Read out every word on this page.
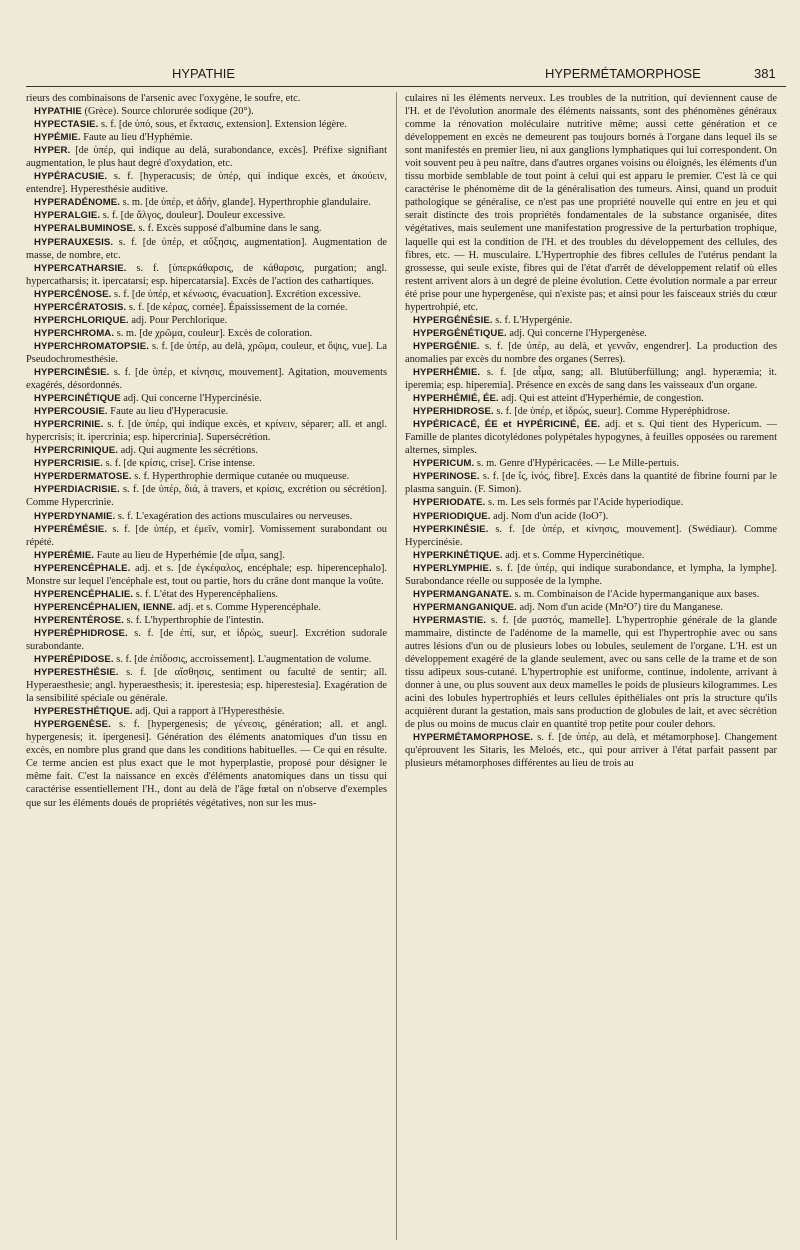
HYPATHIE	HYPERMÉTAMORPHOSE	381

rieurs des combinaisons de l'arsenic avec l'oxygène, le soufre, etc.

HYPATHIE (Grèce). Source chlorurée sodique (20°).

HYPECTASIE. s. f. [de ὑπό, sous, et ἔκτασις, extension]. Extension légère.

HYPÉMIE. Faute au lieu d'Hyphémie.

HYPER. [de ὑπέρ, qui indique au delà, surabondance, excès]. Préfixe signifiant augmentation, le plus haut degré d'oxydation, etc.

HYPÉRACUSIE. s. f. [hyperacusis; de ὑπέρ, qui indique excès, et ἀκούειν, entendre]. Hyperesthésie auditive.

HYPERADÉNOME. s. m. [de ὑπέρ, et ἀδήν, glande]. Hyperthrophie glandulaire.

HYPERALGIE. s. f. [de ἄλγος, douleur]. Douleur excessive.

HYPERALBUMINOSE. s. f. Excès supposé d'albumine dans le sang.

HYPERAUXESIS. s. f. [de ὑπέρ, et αὔξησις, augmentation]. Augmentation de masse, de nombre, etc.

HYPERCATHARSIE. s. f. [ὑπερκάθαρσις, de κάθαρσις, purgation; angl. hypercatharsis; it. ipercatarsi; esp. hipercatarsia]. Excès de l'action des cathartiques.

HYPERCÉNOSE. s. f. [de ὑπέρ, et κένωσις, évacuation]. Excrétion excessive.

HYPERCÉRATOSIS. s. f. [de κέρας, cornée]. Épaississement de la cornée.

HYPERCHLORIQUE. adj. Pour Perchlorique.

HYPERCHROMA. s. m. [de χρῶμα, couleur]. Excès de coloration.

HYPERCHROMATOPSIE. s. f. [de ὑπέρ, au delà, χρῶμα, couleur, et ὄψις, vue]. La Pseudochromesthésie.

HYPERCINÉSIE. s. f. [de ὑπέρ, et κίνησις, mouvement]. Agitation, mouvements exagérés, désordonnés.

HYPERCINÉTIQUE adj. Qui concerne l'Hypercinésie.

HYPERCOUSIE. Faute au lieu d'Hyperacusie.

HYPERCRINIE. s. f. [de ὑπέρ, qui indique excès, et κρίνειν, séparer; all. et angl. hypercrisis; it. ipercrinia; esp. hipercrinia]. Supersécrétion.

HYPERCRINIQUE. adj. Qui augmente les sécrétions.

HYPERCRISIE. s. f. [de κρίσις, crise]. Crise intense.

HYPERDERMATOSE. s. f. Hyperthrophie dermique cutanée ou muqueuse.

HYPERDIACRISIE. s. f. [de ὑπέρ, διά, à travers, et κρίσις, excrétion ou sécrétion]. Comme Hypercrinie.

HYPERDYNAMIE. s. f. L'exagération des actions musculaires ou nerveuses.

HYPERÉMÉSIE. s. f. [de ὑπέρ, et ἐμεῖν, vomir]. Vomissement surabondant ou répété.

HYPERÉMIE. Faute au lieu de Hyperhémie [de αἷμα, sang].

HYPERENCÉPHALE. adj. et s. [de ἐγκέφαλος, encéphale; esp. hiperencephalo]. Monstre sur lequel l'encéphale est, tout ou partie, hors du crâne dont manque la voûte.

HYPERENCÉPHALIE. s. f. L'état des Hyperencéphaliens.

HYPERENCÉPHALIEN, IENNE. adj. et s. Comme Hyperencéphale.

HYPERENTÉROSE. s. f. L'hyperthrophie de l'intestin.

HYPERÉPHIDROSE. s. f. [de ἐπί, sur, et ἱδρώς, sueur]. Excrétion sudorale surabondante.

HYPERÉPIDOSE. s. f. [de ἐπίδοσις, accroissement]. L'augmentation de volume.

HYPERESTHÉSIE. s. f. [de αἴσθησις, sentiment ou faculté de sentir; all. Hyperaesthesie; angl. hyperaesthesis; it. iperestesia; esp. hiperestesia]. Exagération de la sensibilité spéciale ou générale.

HYPERESTHÉTIQUE. adj. Qui a rapport à l'Hyperesthésie.

HYPERGENÈSE. s. f. [hypergenesis; de γένεσις, génération; all. et angl. hypergenesis; it. ipergenesi]. Génération des éléments anatomiques d'un tissu en excès, en nombre plus grand que dans les conditions habituelles. — Ce qui en résulte. Ce terme ancien est plus exact que le mot hyperplastie, proposé pour désigner le même fait. C'est la naissance en excès d'éléments anatomiques dans un tissu qui caractérise essentiellement l'H., dont au delà de l'âge fœtal on n'observe d'exemples que sur les éléments doués de propriétés végétatives, non sur les mus-

culaires ni les éléments nerveux. Les troubles de la nutrition, qui deviennent cause de l'H. et de l'évolution anormale des éléments naissants, sont des phénomènes généraux comme la rénovation moléculaire nutritive même; aussi cette génération et ce développement en excès ne demeurent pas toujours bornés à l'organe dans lequel ils se sont manifestés en premier lieu, ni aux ganglions lymphatiques qui lui correspondent. On voit souvent peu à peu naître, dans d'autres organes voisins ou éloignés, les éléments d'un tissu morbide semblable de tout point à celui qui est apparu le premier. C'est là ce qui caractérise le phénomème dit de la généralisation des tumeurs. Ainsi, quand un produit pathologique se généralise, ce n'est pas une propriété nouvelle qui entre en jeu et qui serait distincte des trois propriétés fondamentales de la substance organisée, dites végétatives, mais seulement une manifestation progressive de la perturbation trophique, laquelle qui est la condition de l'H. et des troubles du développement des cellules, des fibres, etc. — H. musculaire. L'Hypertrophie des fibres cellules de l'utérus pendant la grossesse, qui seule existe, fibres qui de l'état d'arrêt de développement relatif où elles restent arrivent alors à un degré de pleine évolution. Cette évolution normale a par erreur été prise pour une hypergenèse, qui n'existe pas; et ainsi pour les faisceaux striés du cœur hypertrohpié, etc.

HYPERGÉNÉSIE. s. f. L'Hypergénie.

HYPERGÉNÉTIQUE. adj. Qui concerne l'Hypergenèse.

HYPERGÉNIE. s. f. [de ὑπέρ, au delà, et γεννᾶν, engendrer]. La production des anomalies par excès du nombre des organes (Serres).

HYPERHÉMIE. s. f. [de αἷμα, sang; all. Blutüberfüllung; angl. hyperæmia; it. iperemia; esp. hiperemia]. Présence en excès de sang dans les vaisseaux d'un organe.

HYPERHÉMIÉ, ÉE. adj. Qui est atteint d'Hyperhémie, de congestion.

HYPERHIDROSE. s. f. [de ὑπέρ, et ἱδρώς, sueur]. Comme Hyperéphidrose.

HYPÉRICACÉ, ÉE et HYPÉRICINÉ, ÉE. adj. et s. Qui tient des Hypericum. — Famille de plantes dicotylédones polypétales hypogynes, à feuilles opposées ou rarement alternes, simples.

HYPERICUM. s. m. Genre d'Hypéricacées. — Le Mille-pertuis.

HYPERINOSE. s. f. [de ἴς, ἰνός, fibre]. Excès dans la quantité de fibrine fourni par le plasma sanguin. (F. Simon).

HYPERIODATE. s. m. Les sels formés par l'Acide hyperiodique.

HYPERIODIQUE. adj. Nom d'un acide (IoO⁷).

HYPERKINÉSIE. s. f. [de ὑπέρ, et κίνησις, mouvement]. (Swédiaur). Comme Hypercinésie.

HYPERKINÉTIQUE. adj. et s. Comme Hypercinétique.

HYPERLYMPHIE. s. f. [de ὑπέρ, qui indique surabondance, et lympha, la lymphe]. Surabondance réelle ou supposée de la lymphe.

HYPERMANGANATE. s. m. Combinaison de l'Acide hypermanganique aux bases.

HYPERMANGANIQUE. adj. Nom d'un acide (Mn²O⁷) tire du Manganese.

HYPERMASTIE. s. f. [de μαστός, mamelle]. L'hypertrophie générale de la glande mammaire, distincte de l'adénome de la mamelle, qui est l'hypertrophie avec ou sans autres lésions d'un ou de plusieurs lobes ou lobules, seulement de l'organe. L'H. est un développement exagéré de la glande seulement, avec ou sans celle de la trame et de son tissu adipeux sous-cutané. L'hypertrophie est uniforme, continue, indolente, arrivant à donner à une, ou plus souvent aux deux mamelles le poids de plusieurs kilogrammes. Les acini des lobules hypertrophiés et leurs cellules épithéliales ont pris la structure qu'ils acquièrent durant la gestation, mais sans production de globules de lait, et avec sécrétion de plus ou moins de mucus clair en quantité trop petite pour couler dehors.

HYPERMÉTAMORPHOSE. s. f. [de ὑπέρ, au delà, et métamorphose]. Changement qu'éprouvent les Sitaris, les Meloés, etc., qui pour arriver à l'état parfait passent par plusieurs métamorphoses différentes au lieu de trois au
